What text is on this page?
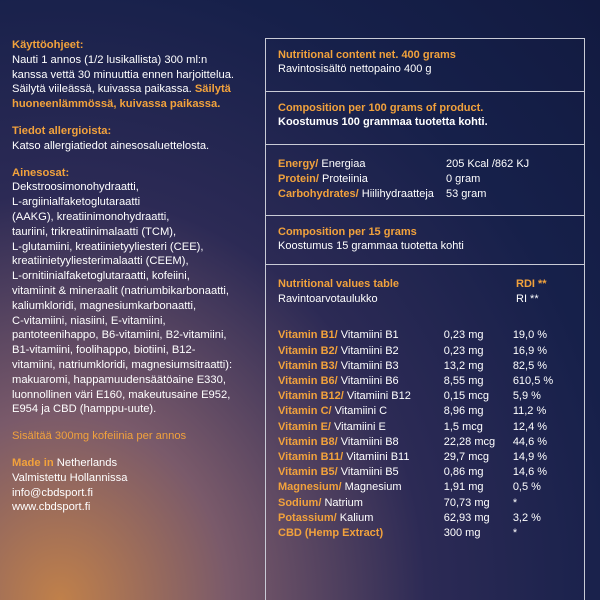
Käyttöohjeet:
Nauti 1 annos (1/2 lusikallista) 300 ml:n
kanssa vettä 30 minuuttia ennen harjoittelua.
Säilytä viileässä, kuivassa paikassa. Säilytä
huoneenlämmössä, kuivassa paikassa.
Tiedot allergioista:
Katso allergiatiedot ainesosaluettelosta.
Ainesosat:
Dekstroosimonohydraatti,
L-argiinialfaketoglutaraatti
(AAKG), kreatiinimonohydraatti,
tauriini, trikreatiinimalaatti (TCM),
L-glutamiini, kreatiinietyyliesteri (CEE),
kreatiinietyyliesterimalaatti (CEEM),
L-ornitiinialfaketoglutaraatti, kofeiini,
vitamiinit & mineraalit (natriumbikarbonaatti,
kaliumkloridi, magnesiumkarbonaatti,
C-vitamiini, niasiini, E-vitamiini,
pantoteenihappo, B6-vitamiini, B2-vitamiini,
B1-vitamiini, foolihappo, biotiini, B12-
vitamiini, natriumkloridi, magnesiumsitraatti):
makuaromi, happamuudensäätöaine E330,
luonnollinen väri E160, makeutusaine E952,
E954 ja CBD (hamppu-uute).
Sisältää 300mg kofeiinia per annos
Made in Netherlands
Valmistettu Hollannissa
info@cbdsport.fi
www.cbdsport.fi
Nutritional content net. 400 grams
Ravintosisältö nettopaino 400 g
Composition per 100 grams of product.
Koostumus 100 grammaa tuotetta kohti.
Energy/ Energiaa	205 Kcal /862 KJ
Protein/ Proteiinia	0 gram
Carbohydrates/ Hiilihydraatteja	53 gram
Composition per 15 grams
Koostumus 15 grammaa tuotetta kohti
Nutritional values table	RDI **
Ravintoarvotaulukko	RI **
Vitamin B1/ Vitamiini B1	0,23 mg	19,0 %
Vitamin B2/ Vitamiini B2	0,23 mg	16,9 %
Vitamin B3/ Vitamiini B3	13,2 mg	82,5 %
Vitamin B6/ Vitamiini B6	8,55 mg	610,5 %
Vitamin B12/ Vitamiini B12	0,15 mcg	5,9 %
Vitamin C/ Vitamiini C	8,96 mg	11,2 %
Vitamin E/ Vitamiini E	1,5 mcg	12,4 %
Vitamin B8/ Vitamiini B8	22,28 mcg	44,6 %
Vitamin B11/ Vitamiini B11	29,7 mcg	14,9 %
Vitamin B5/ Vitamiini B5	0,86 mg	14,6 %
Magnesium/ Magnesium	1,91 mg	0,5 %
Sodium/ Natrium	70,73 mg	*
Potassium/ Kalium	62,93 mg	3,2 %
CBD (Hemp Extract)	300 mg	*
